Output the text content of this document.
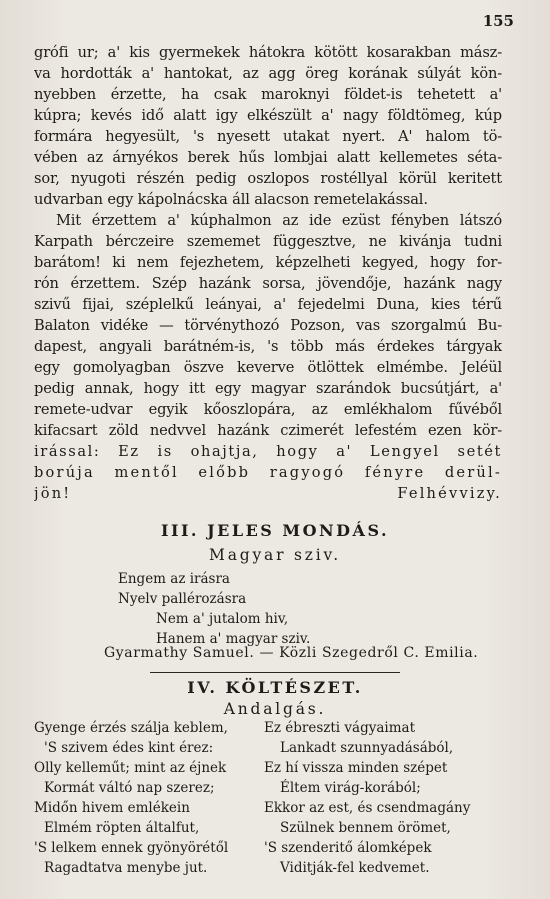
155
grófi ur; a' kis gyermekek hátokra kötött kosarakban mász-
va hordották a' hantokat, az agg öreg korának súlyát kön-
nyebben érzette, ha csak maroknyi földet-is tehetett a'
kúpra; kevés idő alatt igy elkészült a' nagy földtömeg, kúp
formára hegyesült, 's nyesett utakat nyert. A' halom tö-
vében az árnyékos berek hűs lombjai alatt kellemetes séta-
sor, nyugoti részén pedig oszlopos rostéllyal körül keritett
udvarban egy kápolnácska áll alacson remetelakással.
Mit érzettem a' kúphalmon az ide ezüst fényben látszó
Karpath bérczeire szememet függesztve, ne kivánja tudni
barátom! ki nem fejezhetem, képzelheti kegyed, hogy for-
rón érzettem. Szép hazánk sorsa, jövendője, hazánk nagy
szivű fijai, széplelkű leányai, a' fejedelmi Duna, kies térű
Balaton vidéke — törvénythozó Pozson, vas szorgalmú Bu-
dapest, angyali barátném-is, 's több más érdekes tárgyak
egy gomolyagban öszve keverve ötlöttek elmémbe. Jeléül
pedig annak, hogy itt egy magyar szarándok bucsútjárt, a'
remete-udvar egyik kőoszlopára, az emlékhalom fűvéből
kifacsart zöld nedvvel hazánk czimerét lefestém ezen kör-
irással: Ez is ohajtja, hogy a' Lengyel setét
borúja mentől előbb ragyogó fényre derül-
jön!	Felhévvizy.
III. JELES MONDÁS.
Magyar sziv.
Engem az irásra
Nyelv pallérozásra
Nem a' jutalom hiv,
Hanem a' magyar sziv.
Gyarmathy Samuel. — Közli Szegedről C. Emilia.
IV. KÖLTÉSZET.
Andalgás.
Gyenge érzés szálja keblem,
'S szivem édes kint érez:
Olly kelleműt; mint az éjnek
Kormát váltó nap szerez;
Midőn hivem emlékein
Elmém röpten általfut,
'S lelkem ennek gyönyörétől
Ragadtatva menybe jut.
Ez ébreszti vágyaimat
Lankadt szunnyadásából,
Ez hí vissza minden szépet
Éltem virág-korából;
Ekkor az est, és csendmagány
Szülnek bennem örömet,
'S szenderitő álomképek
Viditják-fel kedvemet.
